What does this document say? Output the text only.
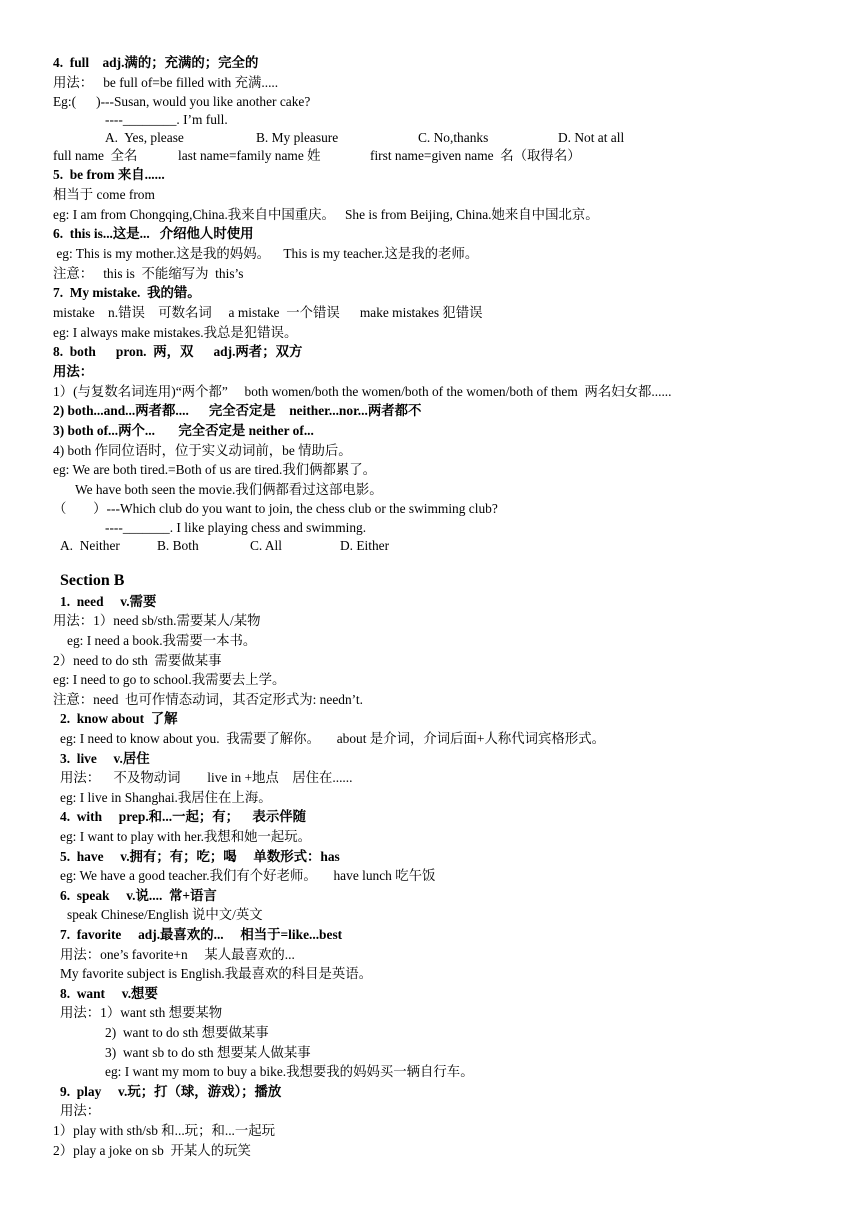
4.  full    adj.满的；充满的；完全的
用法：   be full of=be filled with 充满.....
Eg:(      )---Susan, would you like another cake?
----________. I’m full.
A.  Yes, please	B. My pleasure	C. No,thanks	D. Not at all
full name  全名	last name=family name 姓	first name=given name  名（取得名）
5.  be from 来自......
相当于 come from
eg: I am from Chongqing,China.我来自中国重庆。   She is from Beijing, China.她来自中国北京。
6.  this is...这是...   介绍他人时使用
eg: This is my mother.这是我的妈妈。    This is my teacher.这是我的老师。
注意：   this is  不能缩写为  this’s
7.  My mistake.  我的错。
mistake    n.错误    可数名词     a mistake  一个错误      make mistakes 犯错误
eg: I always make mistakes.我总是犯错误。
8.  both      pron.  两，双      adj.两者；双方
用法：
1）(与复数名词连用)“两个都”     both women/both the women/both of the women/both of them  两名妇女都......
2) both...and...两者都....      完全否定是    neither...nor...两者都不
3) both of...两个...       完全否定是 neither of...
4) both 作同位语时，位于实义动词前，be 情助后。
eg: We are both tired.=Both of us are tired.我们俩都累了。
We have both seen the movie.我们俩都看过这部电影。
（        ）---Which club do you want to join, the chess club or the swimming club?
----_______. I like playing chess and swimming.
A.  Neither	B. Both	C. All	D. Either
Section B
1.  need     v.需要
用法：1）need sb/sth.需要某人/某物
eg: I need a book.我需要一本书。
2）need to do sth  需要做某事
eg: I need to go to school.我需要去上学。
注意：need  也可作情态动词，其否定形式为: needn’t.
2.  know about  了解
eg: I need to know about you.  我需要了解你。     about 是介词，介词后面+人称代词宾格形式。
3.  live     v.居住
用法：    不及物动词        live in +地点    居住在......
eg: I live in Shanghai.我居住在上海。
4.  with     prep.和...一起；有；    表示伴随
eg: I want to play with her.我想和她一起玩。
5.  have     v.拥有；有；吃；喝     单数形式：has
eg: We have a good teacher.我们有个好老师。     have lunch 吃午饭
6.  speak     v.说....  常+语言
speak Chinese/English 说中文/英文
7.  favorite     adj.最喜欢的...     相当于=like...best
用法：one’s favorite+n     某人最喜欢的...
My favorite subject is English.我最喜欢的科目是英语。
8.  want     v.想要
用法：1）want sth 想要某物
2)  want to do sth 想要做某事
3)  want sb to do sth 想要某人做某事
eg: I want my mom to buy a bike.我想要我的妈妈买一辆自行车。
9.  play     v.玩；打（球，游戏）；播放
用法：
1）play with sth/sb 和...玩；和...一起玩
2）play a joke on sb  开某人的玩笑
